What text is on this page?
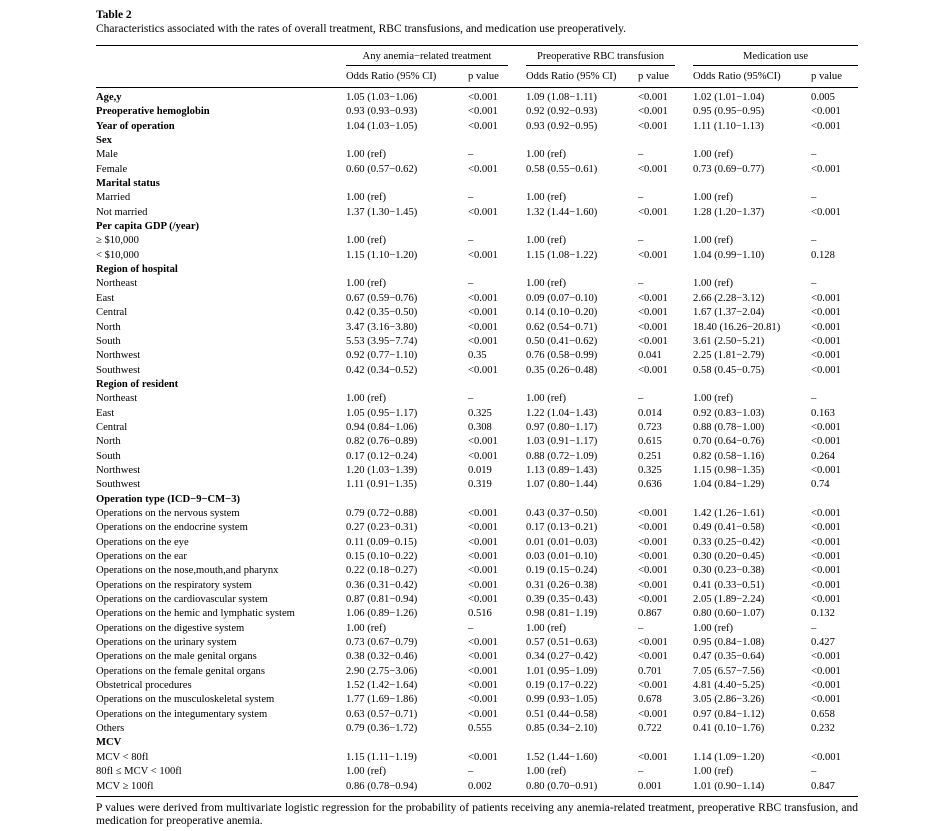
Table 2
Characteristics associated with the rates of overall treatment, RBC transfusions, and medication use preoperatively.

	Any anemia−related treatment		Preoperative RBC transfusion		Medication use	

	Odds Ratio (95% CI)	p value	Odds Ratio (95% CI)	p value	Odds Ratio (95%CI)	p value
Age,y	1.05 (1.03−1.06)	<0.001	1.09 (1.08−1.11)	<0.001	1.02 (1.01−1.04)	0.005
Preoperative hemoglobin	0.93 (0.93−0.93)	<0.001	0.92 (0.92−0.93)	<0.001	0.95 (0.95−0.95)	<0.001
Year of operation	1.04 (1.03−1.05)	<0.001	0.93 (0.92−0.95)	<0.001	1.11 (1.10−1.13)	<0.001
Sex						
Male	1.00 (ref)	–	1.00 (ref)	–	1.00 (ref)	–
Female	0.60 (0.57−0.62)	<0.001	0.58 (0.55−0.61)	<0.001	0.73 (0.69−0.77)	<0.001
Marital status						
Married	1.00 (ref)	–	1.00 (ref)	–	1.00 (ref)	–
Not married	1.37 (1.30−1.45)	<0.001	1.32 (1.44−1.60)	<0.001	1.28 (1.20−1.37)	<0.001
Per capita GDP (/year)						
≥ $10,000	1.00 (ref)	–	1.00 (ref)	–	1.00 (ref)	–
< $10,000	1.15 (1.10−1.20)	<0.001	1.15 (1.08−1.22)	<0.001	1.04 (0.99−1.10)	0.128
Region of hospital						
Northeast	1.00 (ref)	–	1.00 (ref)	–	1.00 (ref)	–
East	0.67 (0.59−0.76)	<0.001	0.09 (0.07−0.10)	<0.001	2.66 (2.28−3.12)	<0.001
Central	0.42 (0.35−0.50)	<0.001	0.14 (0.10−0.20)	<0.001	1.67 (1.37−2.04)	<0.001
North	3.47 (3.16−3.80)	<0.001	0.62 (0.54−0.71)	<0.001	18.40 (16.26−20.81)	<0.001
South	5.53 (3.95−7.74)	<0.001	0.50 (0.41−0.62)	<0.001	3.61 (2.50−5.21)	<0.001
Northwest	0.92 (0.77−1.10)	0.35	0.76 (0.58−0.99)	0.041	2.25 (1.81−2.79)	<0.001
Southwest	0.42 (0.34−0.52)	<0.001	0.35 (0.26−0.48)	<0.001	0.58 (0.45−0.75)	<0.001
Region of resident						
Northeast	1.00 (ref)	–	1.00 (ref)	–	1.00 (ref)	–
East	1.05 (0.95−1.17)	0.325	1.22 (1.04−1.43)	0.014	0.92 (0.83−1.03)	0.163
Central	0.94 (0.84−1.06)	0.308	0.97 (0.80−1.17)	0.723	0.88 (0.78−1.00)	<0.001
North	0.82 (0.76−0.89)	<0.001	1.03 (0.91−1.17)	0.615	0.70 (0.64−0.76)	<0.001
South	0.17 (0.12−0.24)	<0.001	0.88 (0.72−1.09)	0.251	0.82 (0.58−1.16)	0.264
Northwest	1.20 (1.03−1.39)	0.019	1.13 (0.89−1.43)	0.325	1.15 (0.98−1.35)	<0.001
Southwest	1.11 (0.91−1.35)	0.319	1.07 (0.80−1.44)	0.636	1.04 (0.84−1.29)	0.74
Operation type (ICD−9−CM−3)						
Operations on the nervous system	0.79 (0.72−0.88)	<0.001	0.43 (0.37−0.50)	<0.001	1.42 (1.26−1.61)	<0.001
Operations on the endocrine system	0.27 (0.23−0.31)	<0.001	0.17 (0.13−0.21)	<0.001	0.49 (0.41−0.58)	<0.001
Operations on the eye	0.11 (0.09−0.15)	<0.001	0.01 (0.01−0.03)	<0.001	0.33 (0.25−0.42)	<0.001
Operations on the ear	0.15 (0.10−0.22)	<0.001	0.03 (0.01−0.10)	<0.001	0.30 (0.20−0.45)	<0.001
Operations on the nose,mouth,and pharynx	0.22 (0.18−0.27)	<0.001	0.19 (0.15−0.24)	<0.001	0.30 (0.23−0.38)	<0.001
Operations on the respiratory system	0.36 (0.31−0.42)	<0.001	0.31 (0.26−0.38)	<0.001	0.41 (0.33−0.51)	<0.001
Operations on the cardiovascular system	0.87 (0.81−0.94)	<0.001	0.39 (0.35−0.43)	<0.001	2.05 (1.89−2.24)	<0.001
Operations on the hemic and lymphatic system	1.06 (0.89−1.26)	0.516	0.98 (0.81−1.19)	0.867	0.80 (0.60−1.07)	0.132
Operations on the digestive system	1.00 (ref)	–	1.00 (ref)	–	1.00 (ref)	–
Operations on the urinary system	0.73 (0.67−0.79)	<0.001	0.57 (0.51−0.63)	<0.001	0.95 (0.84−1.08)	0.427
Operations on the male genital organs	0.38 (0.32−0.46)	<0.001	0.34 (0.27−0.42)	<0.001	0.47 (0.35−0.64)	<0.001
Operations on the female genital organs	2.90 (2.75−3.06)	<0.001	1.01 (0.95−1.09)	0.701	7.05 (6.57−7.56)	<0.001
Obstetrical procedures	1.52 (1.42−1.64)	<0.001	0.19 (0.17−0.22)	<0.001	4.81 (4.40−5.25)	<0.001
Operations on the musculoskeletal system	1.77 (1.69−1.86)	<0.001	0.99 (0.93−1.05)	0.678	3.05 (2.86−3.26)	<0.001
Operations on the integumentary system	0.63 (0.57−0.71)	<0.001	0.51 (0.44−0.58)	<0.001	0.97 (0.84−1.12)	0.658
Others	0.79 (0.36−1.72)	0.555	0.85 (0.34−2.10)	0.722	0.41 (0.10−1.76)	0.232
MCV						
MCV < 80fl	1.15 (1.11−1.19)	<0.001	1.52 (1.44−1.60)	<0.001	1.14 (1.09−1.20)	<0.001
80fl ≤ MCV < 100fl	1.00 (ref)	–	1.00 (ref)	–	1.00 (ref)	–
MCV ≥ 100fl	0.86 (0.78−0.94)	0.002	0.80 (0.70−0.91)	0.001	1.01 (0.90−1.14)	0.847
P values were derived from multivariate logistic regression for the probability of patients receiving any anemia-related treatment, preoperative RBC transfusion, and medication for preoperative anemia.
